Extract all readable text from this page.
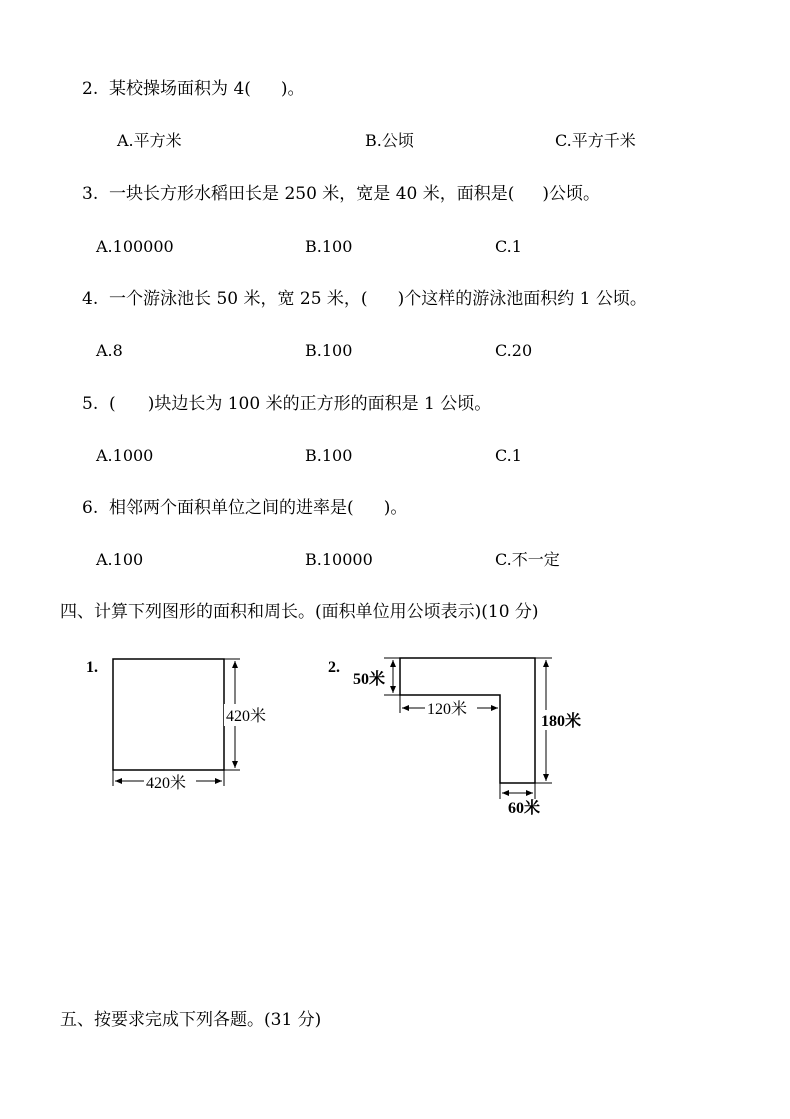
2. 某校操场面积为 4( )。
A.平方米	B.公顷	C.平方千米
3. 一块长方形水稻田长是 250 米，宽是 40 米，面积是( )公顷。
A.100000	B.100	C.1
4. 一个游泳池长 50 米，宽 25 米，( )个这样的游泳池面积约 1 公顷。
A.8	B.100	C.20
5. ( )块边长为 100 米的正方形的面积是 1 公顷。
A.1000	B.100	C.1
6. 相邻两个面积单位之间的进率是( )。
A.100	B.10000	C.不一定
四、计算下列图形的面积和周长。(面积单位用公顷表示)(10 分)
1.
420米
420米
2.
50米
120米
180米
60米
五、按要求完成下列各题。(31 分)
